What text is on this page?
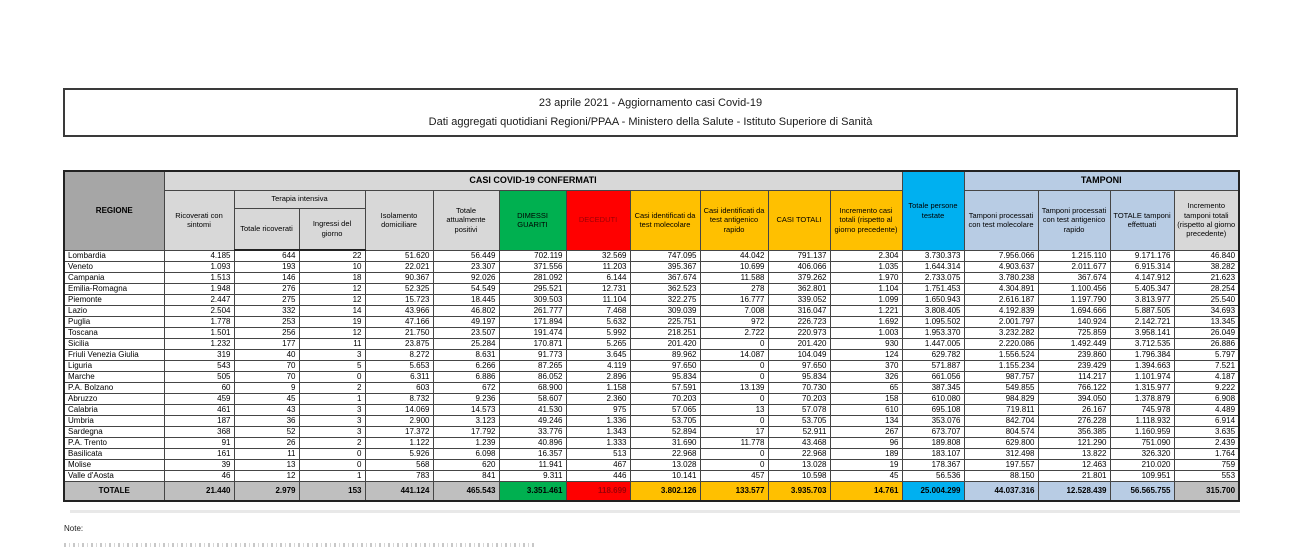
23 aprile 2021 - Aggiornamento casi Covid-19
Dati aggregati quotidiani Regioni/PPAA - Ministero della Salute - Istituto Superiore di Sanità
REGIONE	CASI COVID-19 CONFERMATI											Totale persone testate	TAMPONI			
	Ricoverati con sintomi	Terapia intensiva		Isolamento domiciliare	Totale attualmente positivi	DIMESSI GUARITI	DECEDUTI	Casi identificati da test molecolare	Casi identificati da test antigenico rapido	CASI TOTALI	Incremento casi totali (rispetto al giorno precedente)		Tamponi processati con test molecolare	Tamponi processati con test antigenico rapido	TOTALE tamponi effettuati	Incremento tamponi totali (rispetto al giorno precedente)
		Totale ricoverati	Ingressi del giorno													
Lombardia	4.185	644	22	51.620	56.449	702.119	32.569	747.095	44.042	791.137	2.304	3.730.373	7.956.066	1.215.110	9.171.176	46.840
Veneto	1.093	193	10	22.021	23.307	371.556	11.203	395.367	10.699	406.066	1.035	1.644.314	4.903.637	2.011.677	6.915.314	38.282
Campania	1.513	146	18	90.367	92.026	281.092	6.144	367.674	11.588	379.262	1.970	2.733.075	3.780.238	367.674	4.147.912	21.623
Emilia-Romagna	1.948	276	12	52.325	54.549	295.521	12.731	362.523	278	362.801	1.104	1.751.453	4.304.891	1.100.456	5.405.347	28.254
Piemonte	2.447	275	12	15.723	18.445	309.503	11.104	322.275	16.777	339.052	1.099	1.650.943	2.616.187	1.197.790	3.813.977	25.540
Lazio	2.504	332	14	43.966	46.802	261.777	7.468	309.039	7.008	316.047	1.221	3.808.405	4.192.839	1.694.666	5.887.505	34.693
Puglia	1.778	253	19	47.166	49.197	171.894	5.632	225.751	972	226.723	1.692	1.095.502	2.001.797	140.924	2.142.721	13.345
Toscana	1.501	256	12	21.750	23.507	191.474	5.992	218.251	2.722	220.973	1.003	1.953.370	3.232.282	725.859	3.958.141	26.049
Sicilia	1.232	177	11	23.875	25.284	170.871	5.265	201.420	0	201.420	930	1.447.005	2.220.086	1.492.449	3.712.535	26.886
Friuli Venezia Giulia	319	40	3	8.272	8.631	91.773	3.645	89.962	14.087	104.049	124	629.782	1.556.524	239.860	1.796.384	5.797
Liguria	543	70	5	5.653	6.266	87.265	4.119	97.650	0	97.650	370	571.887	1.155.234	239.429	1.394.663	7.521
Marche	505	70	0	6.311	6.886	86.052	2.896	95.834	0	95.834	326	661.056	987.757	114.217	1.101.974	4.187
P.A. Bolzano	60	9	2	603	672	68.900	1.158	57.591	13.139	70.730	65	387.345	549.855	766.122	1.315.977	9.222
Abruzzo	459	45	1	8.732	9.236	58.607	2.360	70.203	0	70.203	158	610.080	984.829	394.050	1.378.879	6.908
Calabria	461	43	3	14.069	14.573	41.530	975	57.065	13	57.078	610	695.108	719.811	26.167	745.978	4.489
Umbria	187	36	3	2.900	3.123	49.246	1.336	53.705	0	53.705	134	353.076	842.704	276.228	1.118.932	6.914
Sardegna	368	52	3	17.372	17.792	33.776	1.343	52.894	17	52.911	267	673.707	804.574	356.385	1.160.959	3.635
P.A. Trento	91	26	2	1.122	1.239	40.896	1.333	31.690	11.778	43.468	96	189.808	629.800	121.290	751.090	2.439
Basilicata	161	11	0	5.926	6.098	16.357	513	22.968	0	22.968	189	183.107	312.498	13.822	326.320	1.764
Molise	39	13	0	568	620	11.941	467	13.028	0	13.028	19	178.367	197.557	12.463	210.020	759
Valle d'Aosta	46	12	1	783	841	9.311	446	10.141	457	10.598	45	56.536	88.150	21.801	109.951	553
TOTALE	21.440	2.979	153	441.124	465.543	3.351.461	118.699	3.802.126	133.577	3.935.703	14.761	25.004.299	44.037.316	12.528.439	56.565.755	315.700
Note:
